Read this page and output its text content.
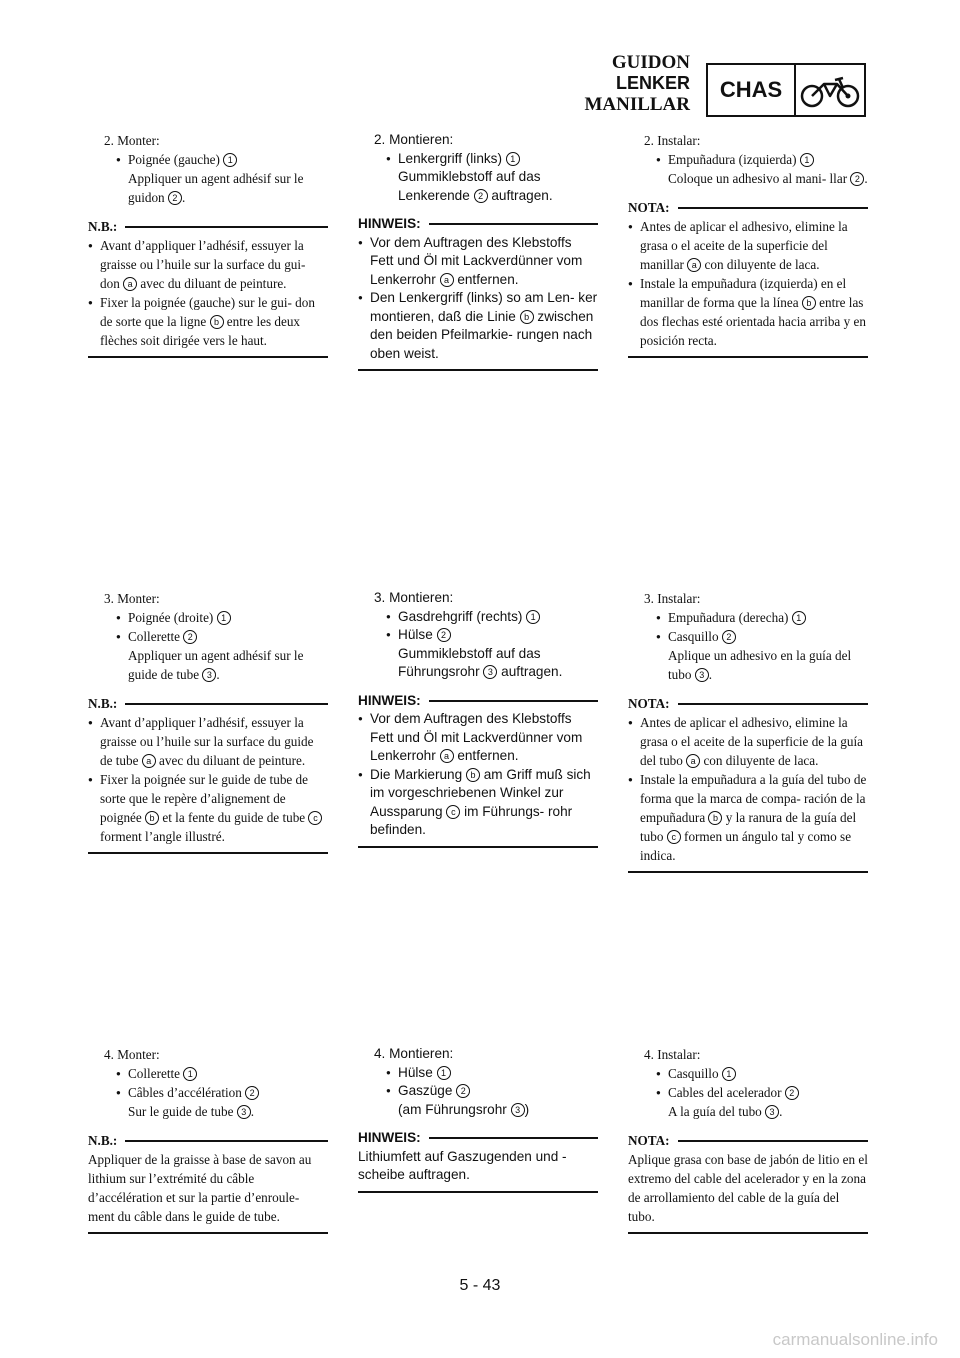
GUIDON
LENKER
MANILLAR
CHAS
2. Monter:
● Poignée (gauche) 1
Appliquer un agent adhésif sur le guidon 2 .
N.B.:
● Avant d’appliquer l’adhésif, essuyer la graisse ou l’huile sur la surface du gui- don a avec du diluant de peinture.
● Fixer la poignée (gauche) sur le gui- don de sorte que la ligne b entre les deux flèches soit dirigée vers le haut.
3. Monter:
● Poignée (droite) 1
● Collerette 2
Appliquer un agent adhésif sur le guide de tube 3 .
N.B.:
● Avant d’appliquer l’adhésif, essuyer la graisse ou l’huile sur la surface du guide de tube a avec du diluant de peinture.
● Fixer la poignée sur le guide de tube de sorte que le repère d’alignement de poignée b et la fente du guide de tube c forment l’angle illustré.
4. Monter:
● Collerette 1
● Câbles d’accélération 2
Sur le guide de tube 3 .
N.B.:

Appliquer de la graisse à base de savon au lithium sur l’extrémité du câble d’accélération et sur la partie d’enroule- ment du câble dans le guide de tube.

2. Montieren:
● Lenkergriff (links) 1
Gummiklebstoff auf das Lenkerende 2 auftragen.
HINWEIS:
● Vor dem Auftragen des Klebstoffs Fett und Öl mit Lackverdünner vom Lenkerrohr a entfernen.
● Den Lenkergriff (links) so am Len- ker montieren, daß die Linie b zwischen den beiden Pfeilmarkie- rungen nach oben weist.
3. Montieren:
● Gasdrehgriff (rechts) 1
● Hülse 2
Gummiklebstoff auf das Führungsrohr 3 auftragen.
HINWEIS:
● Vor dem Auftragen des Klebstoffs Fett und Öl mit Lackverdünner vom Lenkerrohr a entfernen.
● Die Markierung b am Griff muß sich im vorgeschriebenen Winkel zur Aussparung c im Führungs- rohr befinden.
4. Montieren:
● Hülse 1
● Gaszüge 2
(am Führungsrohr 3 )
HINWEIS:

Lithiumfett auf Gaszugenden und -scheibe auftragen.

2. Instalar:
● Empuñadura (izquierda) 1
Coloque un adhesivo al mani- llar 2 .
NOTA:
● Antes de aplicar el adhesivo, elimine la grasa o el aceite de la superficie del manillar a con diluyente de laca.
● Instale la empuñadura (izquierda) en el manillar de forma que la línea b entre las dos flechas esté orientada hacia arriba y en posición recta.
3. Instalar:
● Empuñadura (derecha) 1
● Casquillo 2
Aplique un adhesivo en la guía del tubo 3 .
NOTA:
● Antes de aplicar el adhesivo, elimine la grasa o el aceite de la superficie de la guía del tubo a con diluyente de laca.
● Instale la empuñadura a la guía del tubo de forma que la marca de compa- ración de la empuñadura b y la ranura de la guía del tubo c formen un ángulo tal y como se indica.
4. Instalar:
● Casquillo 1
● Cables del acelerador 2
A la guía del tubo 3 .
NOTA:

Aplique grasa con base de jabón de litio en el extremo del cable del acelerador y en la zona de arrollamiento del cable de la guía del tubo.

5 - 43
carmanualsonline.info
